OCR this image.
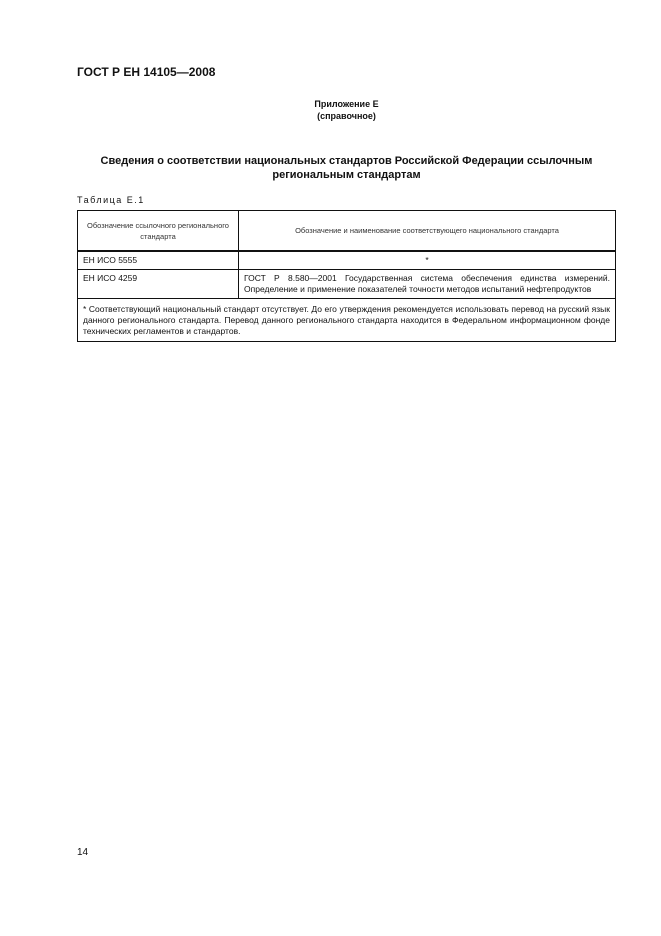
ГОСТ Р ЕН 14105—2008
Приложение Е
(справочное)
Сведения о соответствии национальных стандартов Российской Федерации ссылочным
региональным стандартам
Таблица Е.1
Обозначение ссылочного регионального стандарта	Обозначение и наименование соответствующего национального стандарта
ЕН ИСО 5555	*
ЕН ИСО 4259	ГОСТ Р 8.580—2001 Государственная система обеспечения единства измерений. Определение и применение показателей точности методов испытаний нефтепродуктов
* Соответствующий национальный стандарт отсутствует. До его утверждения рекомендуется использовать перевод на русский язык данного регионального стандарта. Перевод данного регионального стандарта находится в Федеральном информационном фонде технических регламентов и стандартов.	
14
